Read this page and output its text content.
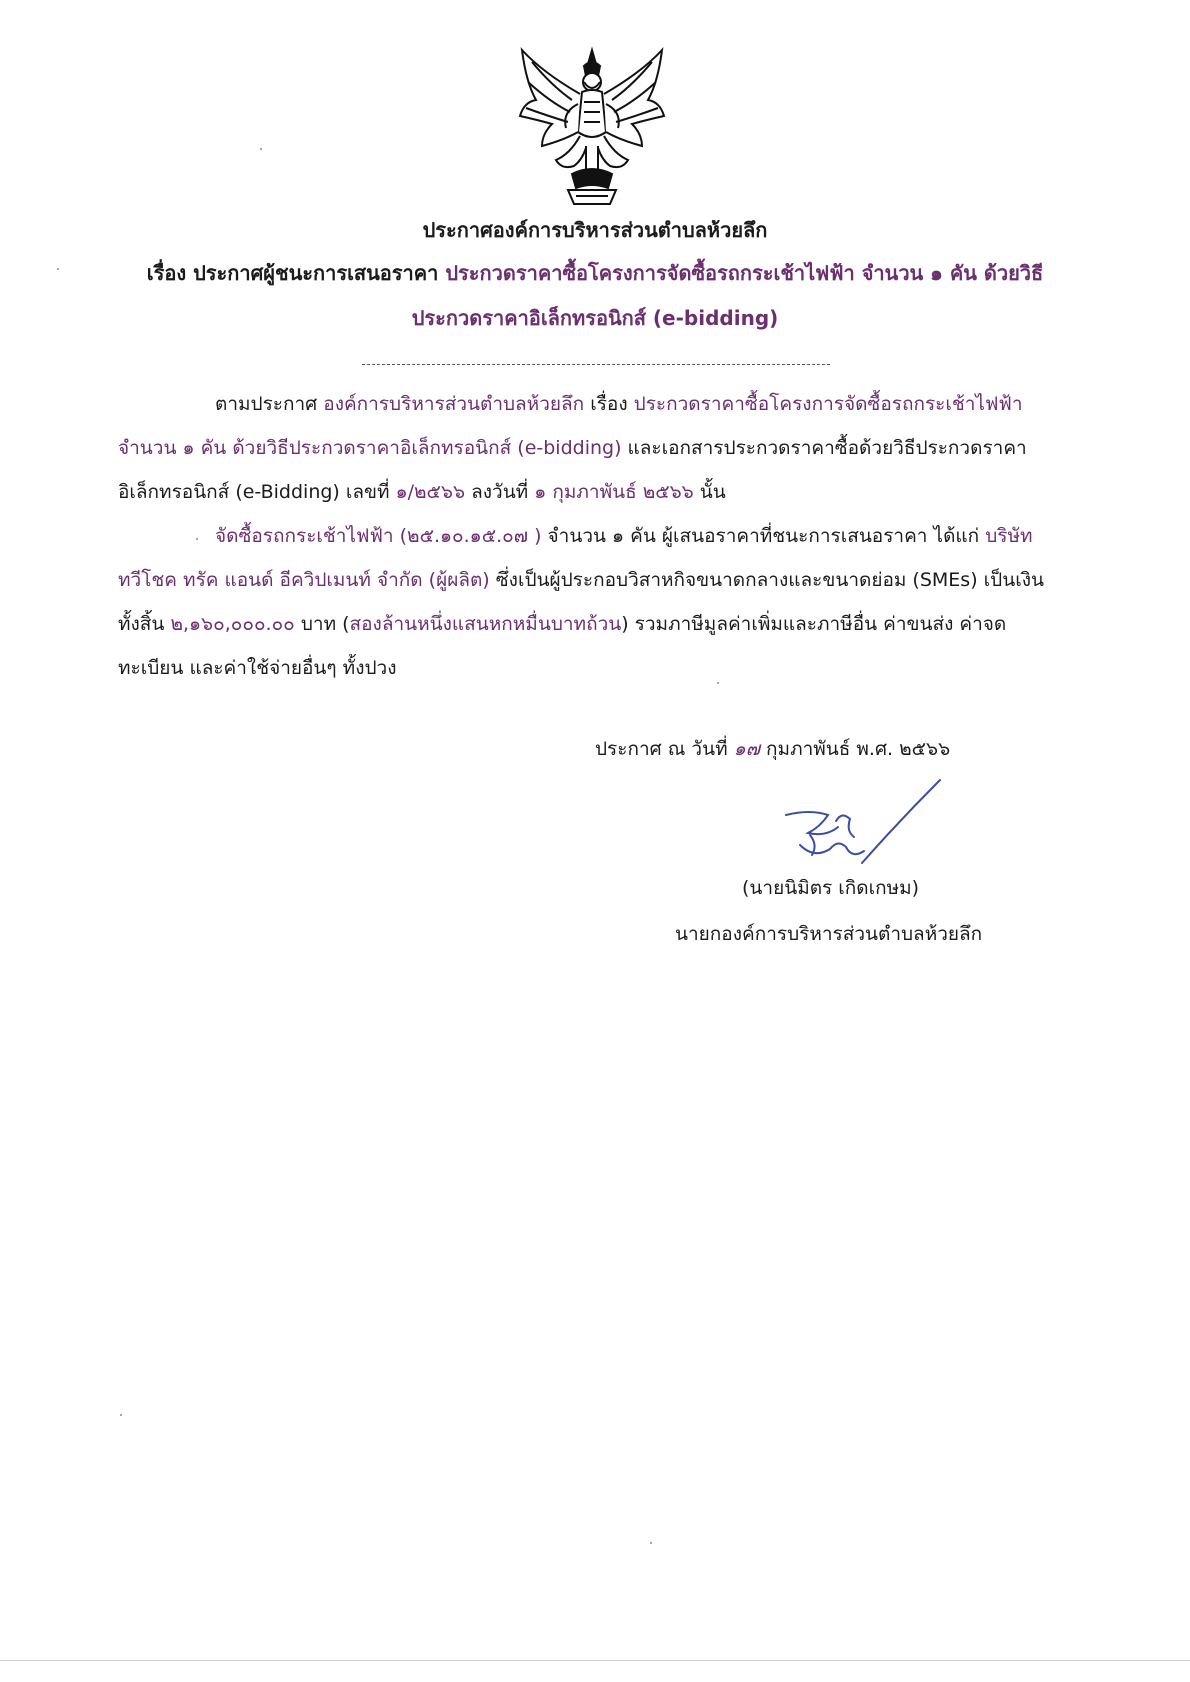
ประกาศองค์การบริหารส่วนตำบลห้วยลึก
เรื่อง ประกาศผู้ชนะการเสนอราคา ประกวดราคาซื้อโครงการจัดซื้อรถกระเช้าไฟฟ้า จำนวน ๑ คัน ด้วยวิธี
ประกวดราคาอิเล็กทรอนิกส์ (e-bidding)
ตามประกาศ องค์การบริหารส่วนตำบลห้วยลึก เรื่อง ประกวดราคาซื้อโครงการจัดซื้อรถกระเช้าไฟฟ้า
จำนวน ๑ คัน ด้วยวิธีประกวดราคาอิเล็กทรอนิกส์ (e-bidding) และเอกสารประกวดราคาซื้อด้วยวิธีประกวดราคา
อิเล็กทรอนิกส์ (e-Bidding) เลขที่ ๑/๒๕๖๖ ลงวันที่ ๑ กุมภาพันธ์ ๒๕๖๖ นั้น
จัดซื้อรถกระเช้าไฟฟ้า (๒๕.๑๐.๑๕.๐๗ ) จำนวน ๑ คัน ผู้เสนอราคาที่ชนะการเสนอราคา ได้แก่ บริษัท
ทวีโชค ทรัค แอนด์ อีควิปเมนท์ จำกัด (ผู้ผลิต) ซึ่งเป็นผู้ประกอบวิสาหกิจขนาดกลางและขนาดย่อม (SMEs) เป็นเงิน
ทั้งสิ้น ๒,๑๖๐,๐๐๐.๐๐ บาท (สองล้านหนึ่งแสนหกหมื่นบาทถ้วน) รวมภาษีมูลค่าเพิ่มและภาษีอื่น ค่าขนส่ง ค่าจด
ทะเบียน และค่าใช้จ่ายอื่นๆ ทั้งปวง
ประกาศ ณ วันที่ ๑๗ กุมภาพันธ์ พ.ศ. ๒๕๖๖
(นายนิมิตร เกิดเกษม)
นายกองค์การบริหารส่วนตำบลห้วยลึก
